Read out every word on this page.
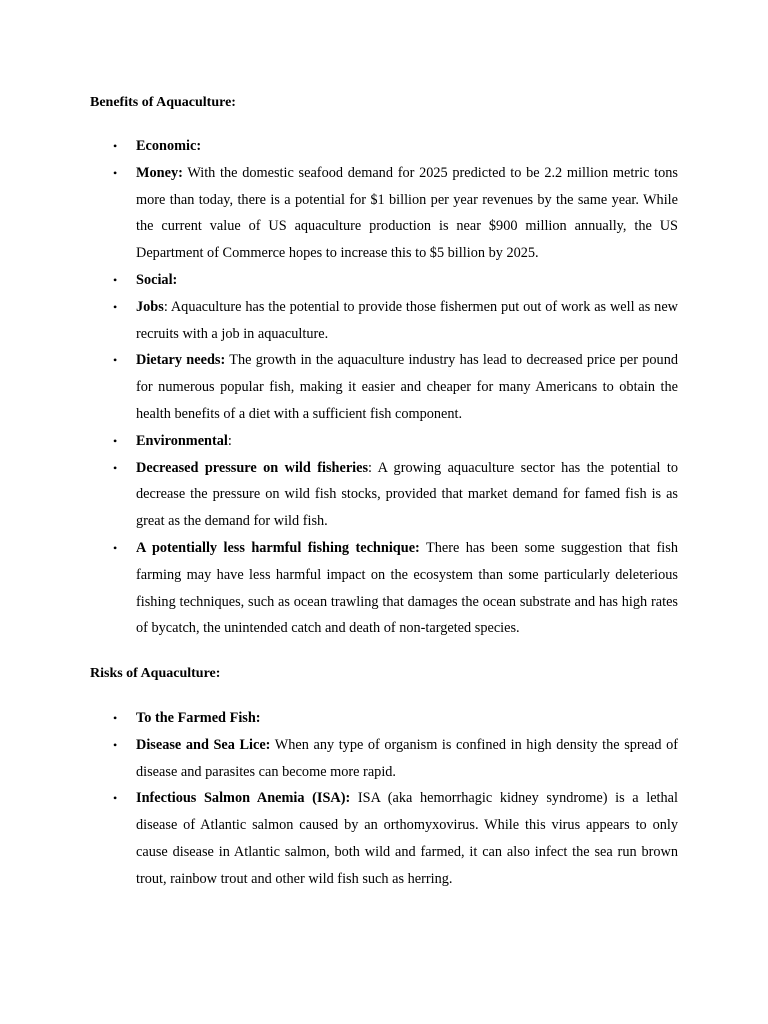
Benefits of Aquaculture:
• Economic:
• Money: With the domestic seafood demand for 2025 predicted to be 2.2 million metric tons more than today, there is a potential for $1 billion per year revenues by the same year. While the current value of US aquaculture production is near $900 million annually, the US Department of Commerce hopes to increase this to $5 billion by 2025.
• Social:
• Jobs: Aquaculture has the potential to provide those fishermen put out of work as well as new recruits with a job in aquaculture.
• Dietary needs: The growth in the aquaculture industry has lead to decreased price per pound for numerous popular fish, making it easier and cheaper for many Americans to obtain the health benefits of a diet with a sufficient fish component.
• Environmental:
• Decreased pressure on wild fisheries: A growing aquaculture sector has the potential to decrease the pressure on wild fish stocks, provided that market demand for famed fish is as great as the demand for wild fish.
• A potentially less harmful fishing technique: There has been some suggestion that fish farming may have less harmful impact on the ecosystem than some particularly deleterious fishing techniques, such as ocean trawling that damages the ocean substrate and has high rates of bycatch, the unintended catch and death of non-targeted species.
Risks of Aquaculture:
• To the Farmed Fish:
• Disease and Sea Lice: When any type of organism is confined in high density the spread of disease and parasites can become more rapid.
• Infectious Salmon Anemia (ISA): ISA (aka hemorrhagic kidney syndrome) is a lethal disease of Atlantic salmon caused by an orthomyxovirus. While this virus appears to only cause disease in Atlantic salmon, both wild and farmed, it can also infect the sea run brown trout, rainbow trout and other wild fish such as herring.
